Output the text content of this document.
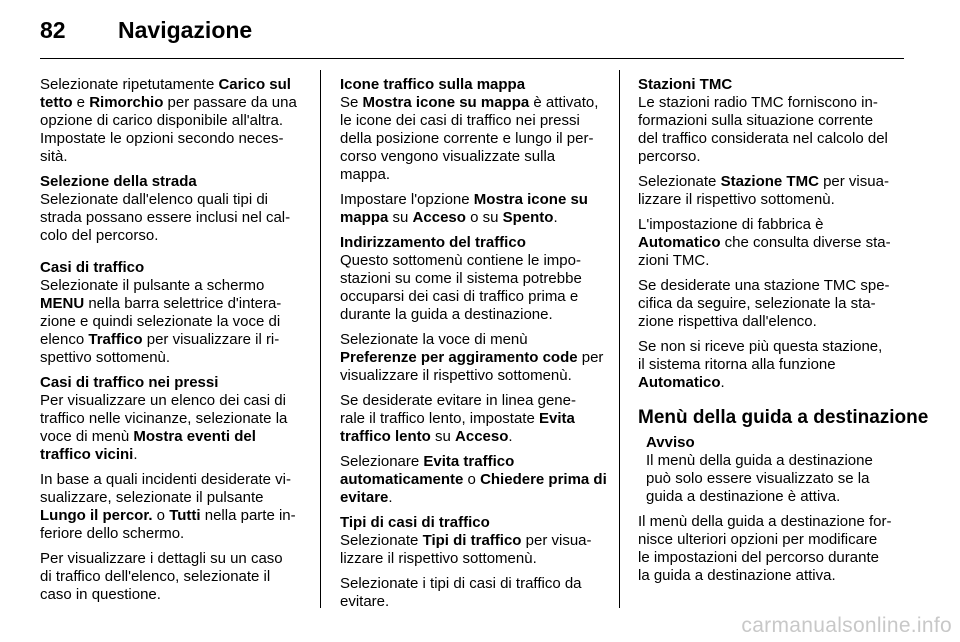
82 Navigazione
Selezionate ripetutamente Carico sul
tetto e Rimorchio per passare da una
opzione di carico disponibile all'altra.
Impostate le opzioni secondo neces-
sità.
Selezione della strada
Selezionate dall'elenco quali tipi di
strada possano essere inclusi nel cal-
colo del percorso.
Casi di traffico
Selezionate il pulsante a schermo
MENU nella barra selettrice d'intera-
zione e quindi selezionate la voce di
elenco Traffico per visualizzare il ri-
spettivo sottomenù.
Casi di traffico nei pressi
Per visualizzare un elenco dei casi di
traffico nelle vicinanze, selezionate la
voce di menù Mostra eventi del
traffico vicini.
In base a quali incidenti desiderate vi-
sualizzare, selezionate il pulsante
Lungo il percor. o Tutti nella parte in-
feriore dello schermo.
Per visualizzare i dettagli su un caso
di traffico dell'elenco, selezionate il
caso in questione.
Icone traffico sulla mappa
Se Mostra icone su mappa è attivato,
le icone dei casi di traffico nei pressi
della posizione corrente e lungo il per-
corso vengono visualizzate sulla
mappa.
Impostare l'opzione Mostra icone su
mappa su Acceso o su Spento.
Indirizzamento del traffico
Questo sottomenù contiene le impo-
stazioni su come il sistema potrebbe
occuparsi dei casi di traffico prima e
durante la guida a destinazione.
Selezionate la voce di menù
Preferenze per aggiramento code per
visualizzare il rispettivo sottomenù.
Se desiderate evitare in linea gene-
rale il traffico lento, impostate Evita
traffico lento su Acceso.
Selezionare Evita traffico
automaticamente o Chiedere prima di
evitare.
Tipi di casi di traffico
Selezionate Tipi di traffico per visua-
lizzare il rispettivo sottomenù.
Selezionate i tipi di casi di traffico da
evitare.
Stazioni TMC
Le stazioni radio TMC forniscono in-
formazioni sulla situazione corrente
del traffico considerata nel calcolo del
percorso.
Selezionate Stazione TMC per visua-
lizzare il rispettivo sottomenù.
L'impostazione di fabbrica è
Automatico che consulta diverse sta-
zioni TMC.
Se desiderate una stazione TMC spe-
cifica da seguire, selezionate la sta-
zione rispettiva dall'elenco.
Se non si riceve più questa stazione,
il sistema ritorna alla funzione
Automatico.
Menù della guida a destinazione
Avviso
Il menù della guida a destinazione
può solo essere visualizzato se la
guida a destinazione è attiva.
Il menù della guida a destinazione for-
nisce ulteriori opzioni per modificare
le impostazioni del percorso durante
la guida a destinazione attiva.
carmanualsonline.info
